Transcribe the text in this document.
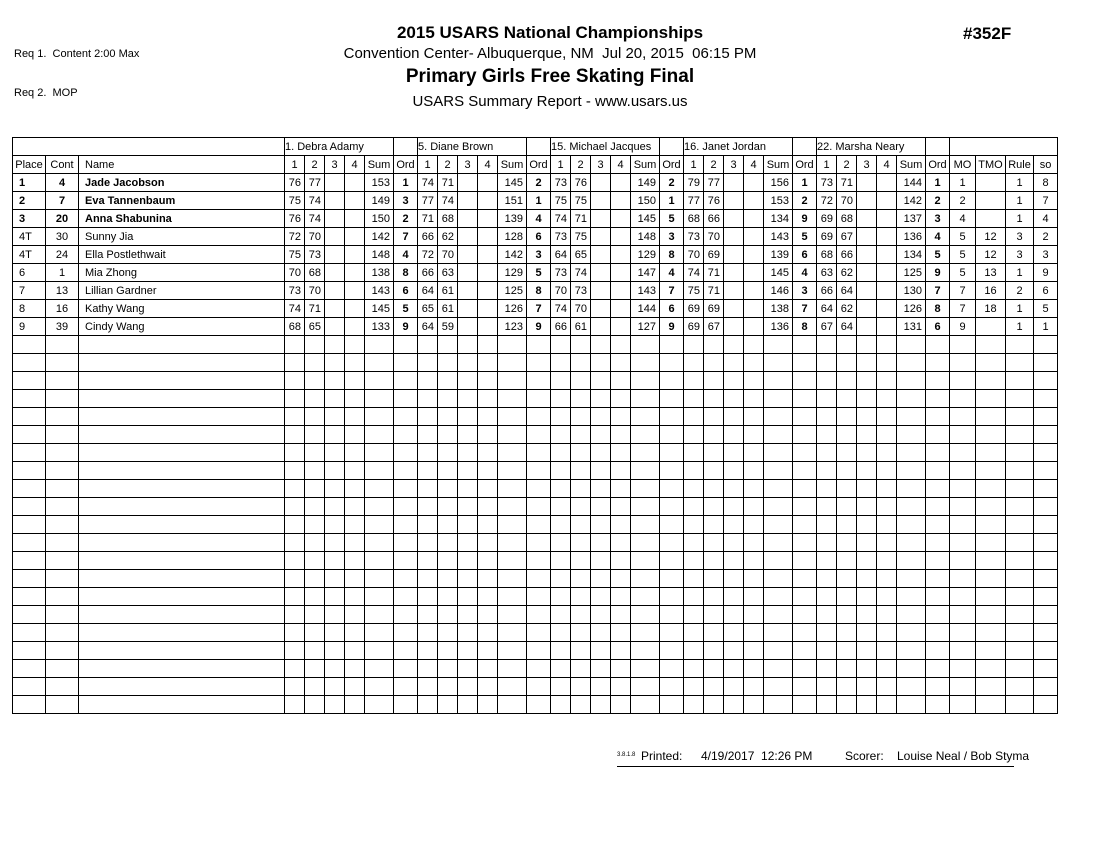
Req 1.  Content 2:00 Max

Req 2.  MOP

2015 USARS National Championships
Convention Center- Albuquerque, NM  Jul 20, 2015  06:15 PM
Primary Girls Free Skating Final
USARS Summary Report - www.usars.us
#352F
			1. Debra Adamy						5. Diane Brown						15. Michael Jacques						16. Janet Jordan						22. Marsha Neary									
Place	Cont	Name	1	2	3	4	Sum	Ord	1	2	3	4	Sum	Ord	1	2	3	4	Sum	Ord	1	2	3	4	Sum	Ord	1	2	3	4	Sum	Ord	MO	TMO	Rule	so
1	4	Jade Jacobson	76	77			153	1	74	71			145	2	73	76			149	2	79	77			156	1	73	71			144	1	1		1	8
2	7	Eva Tannenbaum	75	74			149	3	77	74			151	1	75	75			150	1	77	76			153	2	72	70			142	2	2		1	7
3	20	Anna Shabunina	76	74			150	2	71	68			139	4	74	71			145	5	68	66			134	9	69	68			137	3	4		1	4
4T	30	Sunny Jia	72	70			142	7	66	62			128	6	73	75			148	3	73	70			143	5	69	67			136	4	5	12	3	2
4T	24	Ella Postlethwait	75	73			148	4	72	70			142	3	64	65			129	8	70	69			139	6	68	66			134	5	5	12	3	3
6	1	Mia Zhong	70	68			138	8	66	63			129	5	73	74			147	4	74	71			145	4	63	62			125	9	5	13	1	9
7	13	Lillian Gardner	73	70			143	6	64	61			125	8	70	73			143	7	75	71			146	3	66	64			130	7	7	16	2	6
8	16	Kathy Wang	74	71			145	5	65	61			126	7	74	70			144	6	69	69			138	7	64	62			126	8	7	18	1	5
9	39	Cindy Wang	68	65			133	9	64	59			123	9	66	61			127	9	69	67			136	8	67	64			131	6	9		1	1

3.8.1.8 Printed: 4/19/2017  12:26 PM	Scorer: Louise Neal / Bob Styma
